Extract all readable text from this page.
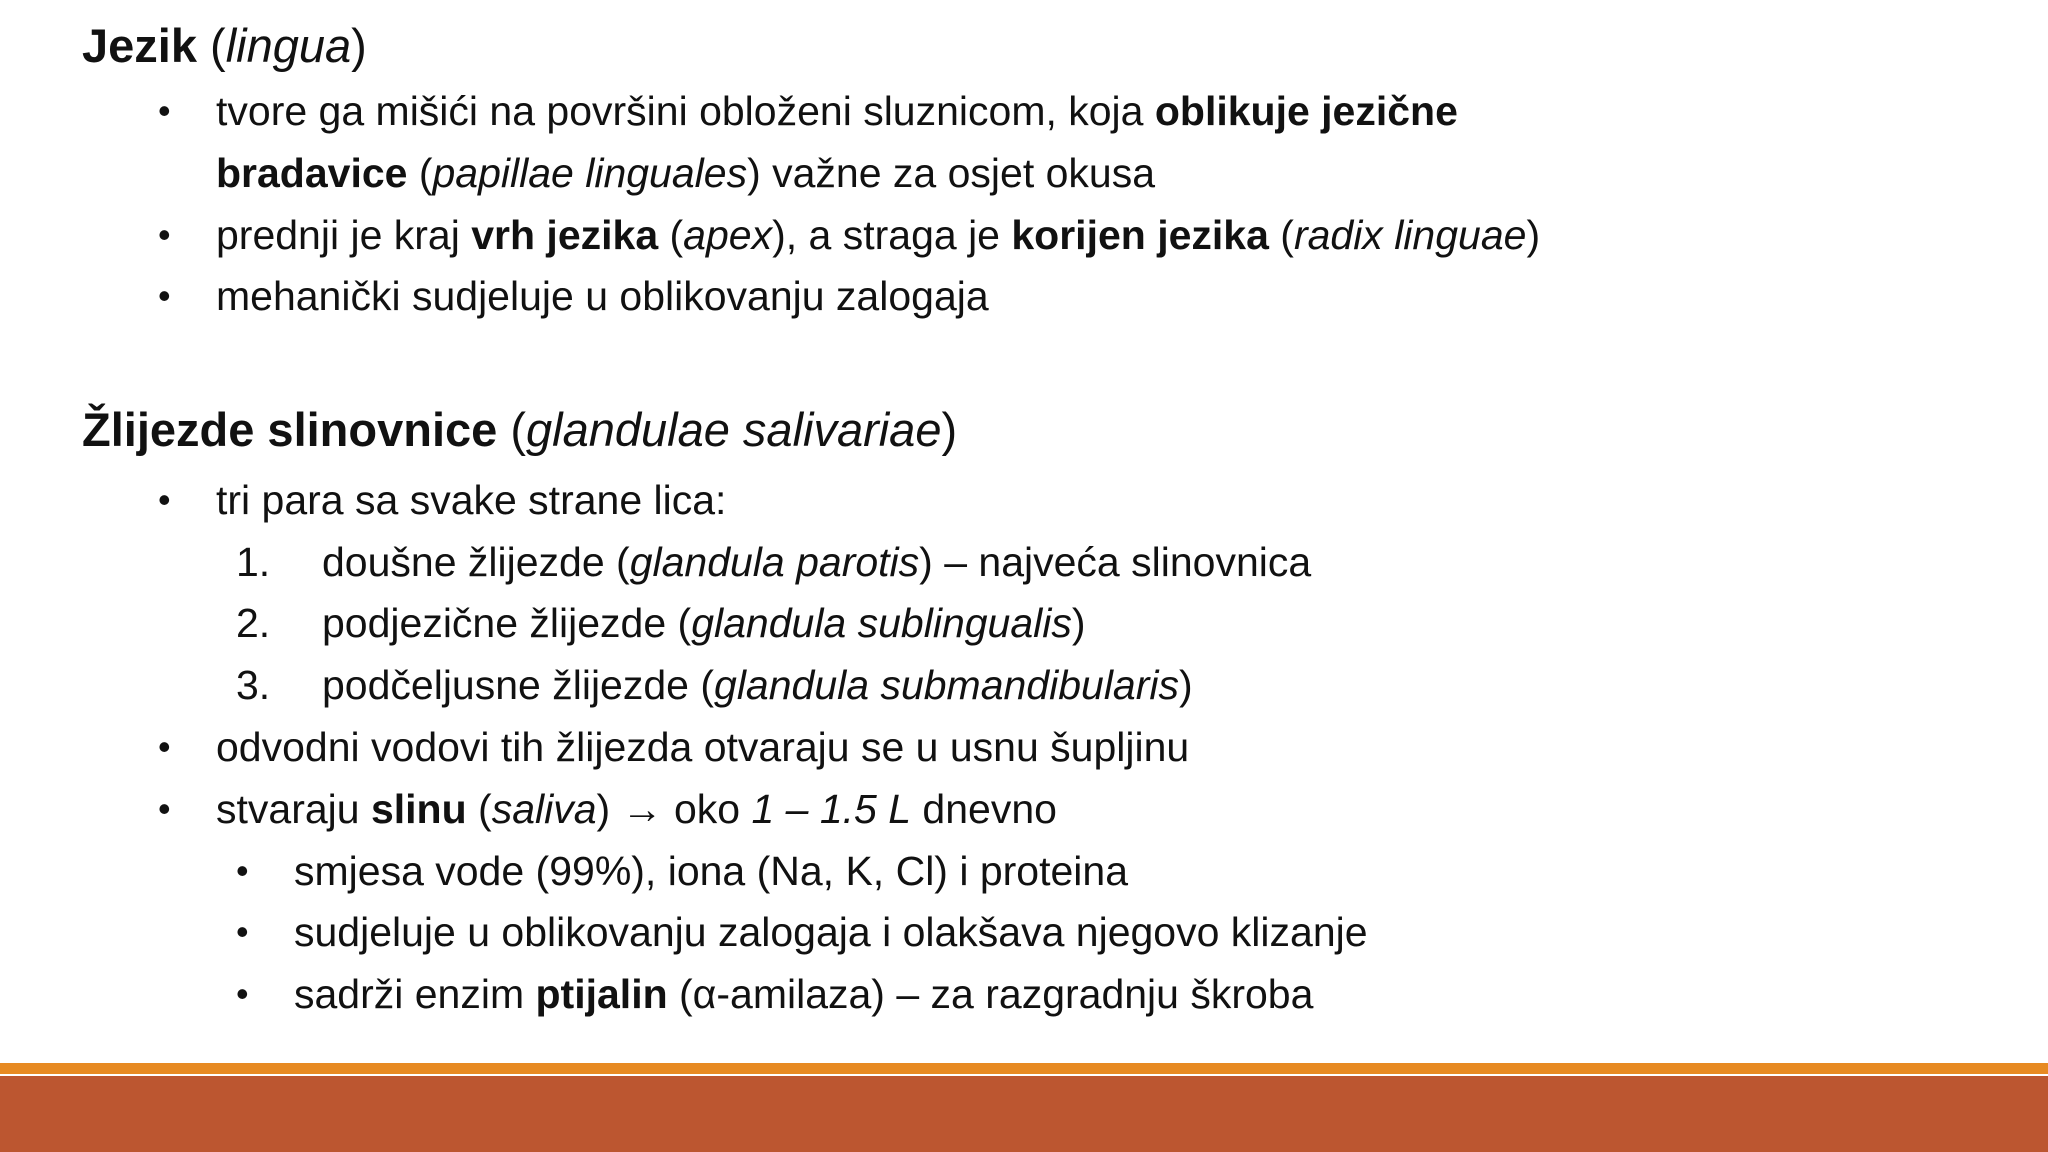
Jezik (lingua)
• tvore ga mišići na površini obloženi sluznicom, koja oblikuje jezične
bradavice (papillae linguales) važne za osjet okusa
• prednji je kraj vrh jezika (apex), a straga je korijen jezika (radix linguae)
• mehanički sudjeluje u oblikovanju zalogaja
Žlijezde slinovnice (glandulae salivariae)
• tri para sa svake strane lica:
1. doušne žlijezde (glandula parotis) – najveća slinovnica
2. podjezične žlijezde (glandula sublingualis)
3. podčeljusne žlijezde (glandula submandibularis)
• odvodni vodovi tih žlijezda otvaraju se u usnu šupljinu
• stvaraju slinu (saliva) → oko 1 – 1.5 L dnevno
• smjesa vode (99%), iona (Na, K, Cl) i proteina
• sudjeluje u oblikovanju zalogaja i olakšava njegovo klizanje
• sadrži enzim ptijalin (α-amilaza) – za razgradnju škroba
